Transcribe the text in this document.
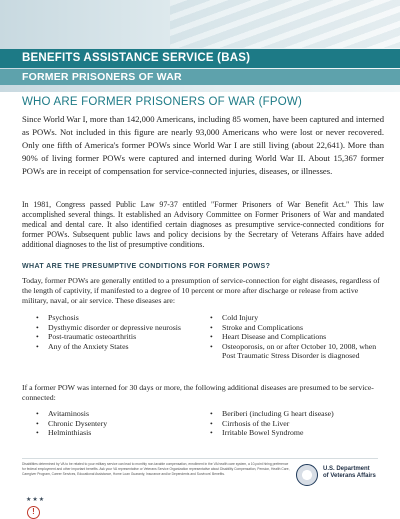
BENEFITS ASSISTANCE SERVICE (BAS)
FORMER PRISONERS OF WAR
WHO ARE FORMER PRISONERS OF WAR (FPOW)
Since World War I, more than 142,000 Americans, including 85 women, have been captured and interned as POWs. Not included in this figure are nearly 93,000 Americans who were lost or never recovered. Only one fifth of America's former POWs since World War I are still living (about 22,641). More than 90% of living former POWs were captured and interned during World War II. About 15,367 former POWs are in receipt of compensation for service-connected injuries, diseases, or illnesses.
In 1981, Congress passed Public Law 97-37 entitled "Former Prisoners of War Benefit Act." This law accomplished several things. It established an Advisory Committee on Former Prisoners of War and mandated medical and dental care. It also identified certain diagnoses as presumptive service-connected conditions for former POWs. Subsequent public laws and policy decisions by the Secretary of Veterans Affairs have added additional diagnoses to the list of presumptive conditions.
WHAT ARE THE PRESUMPTIVE CONDITIONS FOR FORMER POWS?
Today, former POWs are generally entitled to a presumption of service-connection for eight diseases, regardless of the length of captivity, if manifested to a degree of 10 percent or more after discharge or release from active military, naval, or air service. These diseases are:
• Psychosis
• Dysthymic disorder or depressive neurosis
• Post-traumatic osteoarthritis
• Any of the Anxiety States
• Cold Injury
• Stroke and Complications
• Heart Disease and Complications
• Osteoporosis, on or after October 10, 2008, when Post Traumatic Stress Disorder is diagnosed
If a former POW was interned for 30 days or more, the following additional diseases are presumed to be service-connected:
• Avitaminosis
• Chronic Dysentery
• Helminthiasis
• Beriberi (including G heart disease)
• Cirrhosis of the Liver
• Irritable Bowel Syndrome
Disabilities determined by VA to be related to your military service can lead to monthly non-taxable compensation, enrollment in the VA health care system, a 10-point hiring preference for federal employment and other important benefits. Ask your VA representative or Veterans Service Organization representative about Disability Compensation, Pension, Health Care, Caregiver Program, Career Services, Educational Assistance, Home Loan Guaranty, Insurance and/or Dependents and Survivors' Benefits.
U.S. Department
of Veterans Affairs
★★★
!
